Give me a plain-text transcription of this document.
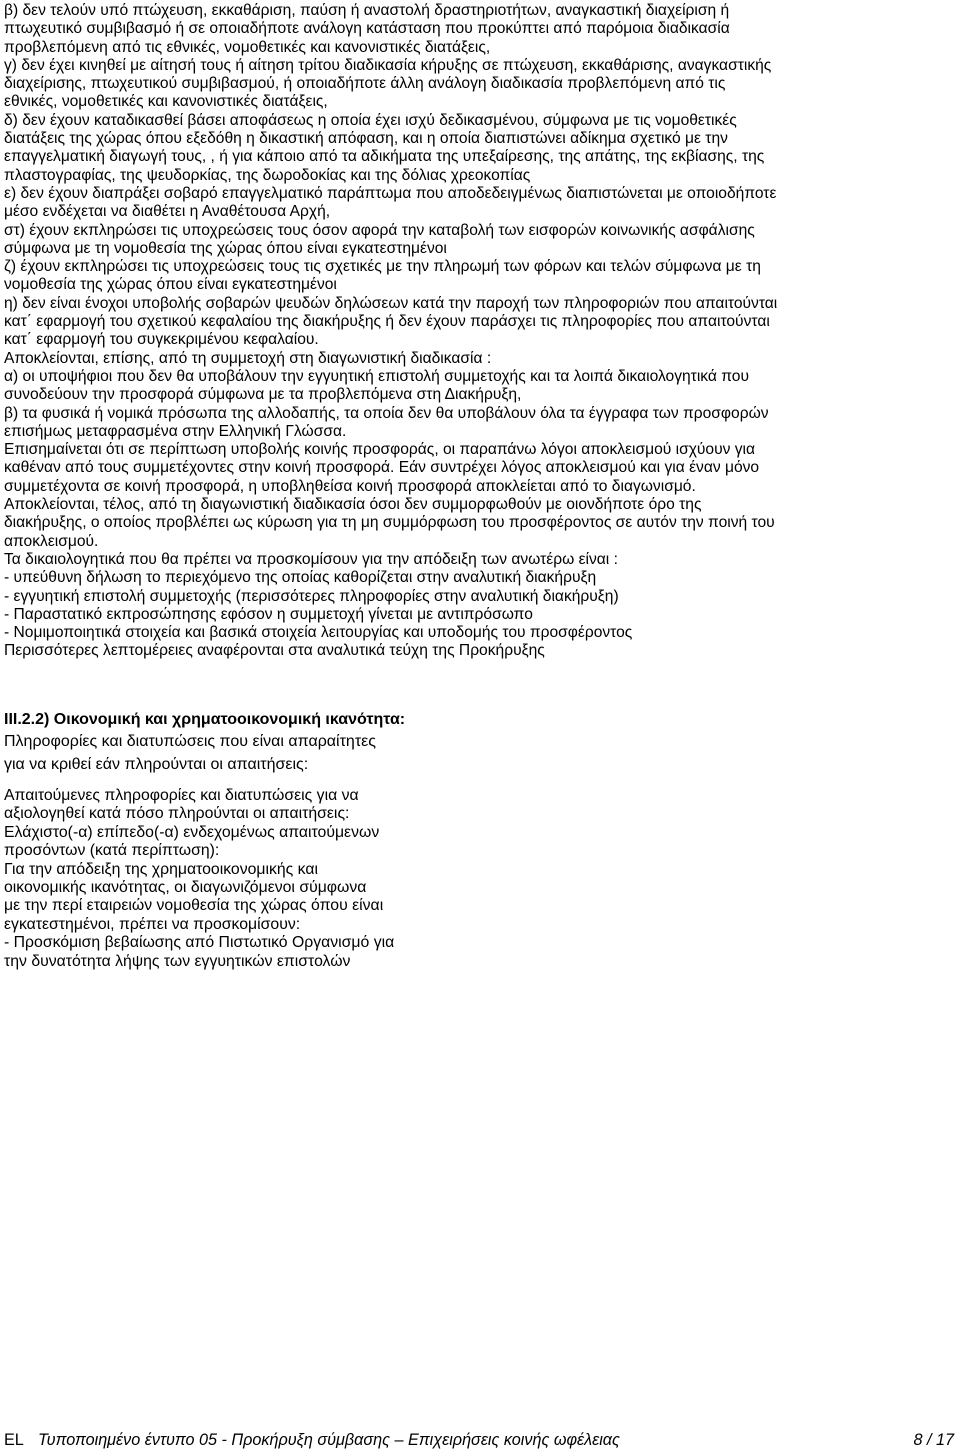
β) δεν τελούν υπό πτώχευση, εκκαθάριση, παύση ή αναστολή δραστηριοτήτων, αναγκαστική διαχείριση ή
πτωχευτικό συμβιβασμό ή σε οποιαδήποτε ανάλογη κατάσταση που προκύπτει από παρόμοια διαδικασία
προβλεπόμενη από τις εθνικές, νομοθετικές και κανονιστικές διατάξεις,
γ) δεν έχει κινηθεί με αίτησή τους ή αίτηση τρίτου διαδικασία κήρυξης σε πτώχευση, εκκαθάρισης, αναγκαστικής
διαχείρισης, πτωχευτικού συμβιβασμού, ή οποιαδήποτε άλλη ανάλογη διαδικασία προβλεπόμενη από τις
εθνικές, νομοθετικές και κανονιστικές διατάξεις,
δ) δεν έχουν καταδικασθεί βάσει αποφάσεως η οποία έχει ισχύ δεδικασμένου, σύμφωνα με τις νομοθετικές
διατάξεις της χώρας όπου εξεδόθη η δικαστική απόφαση, και η οποία διαπιστώνει αδίκημα σχετικό με την
επαγγελματική διαγωγή τους, , ή για κάποιο από τα αδικήματα της υπεξαίρεσης, της απάτης, της εκβίασης, της
πλαστογραφίας, της ψευδορκίας, της δωροδοκίας και της δόλιας χρεοκοπίας
ε) δεν έχουν διαπράξει σοβαρό επαγγελματικό παράπτωμα που αποδεδειγμένως διαπιστώνεται με οποιοδήποτε
μέσο ενδέχεται να διαθέτει η Αναθέτουσα Αρχή,
στ) έχουν εκπληρώσει τις υποχρεώσεις τους όσον αφορά την καταβολή των εισφορών κοινωνικής ασφάλισης
σύμφωνα με τη νομοθεσία της χώρας όπου είναι εγκατεστημένοι
ζ) έχουν εκπληρώσει τις υποχρεώσεις τους τις σχετικές με την πληρωμή των φόρων και τελών σύμφωνα με τη
νομοθεσία της χώρας όπου είναι εγκατεστημένοι
η) δεν είναι ένοχοι υποβολής σοβαρών ψευδών δηλώσεων κατά την παροχή των πληροφοριών που απαιτούνται
κατ΄ εφαρμογή του σχετικού κεφαλαίου της διακήρυξης ή δεν έχουν παράσχει τις πληροφορίες που απαιτούνται
κατ΄ εφαρμογή του συγκεκριμένου κεφαλαίου.
Αποκλείονται, επίσης, από τη συμμετοχή στη διαγωνιστική διαδικασία :
α) οι υποψήφιοι που δεν θα υποβάλουν την εγγυητική επιστολή συμμετοχής και τα λοιπά δικαιολογητικά που
συνοδεύουν την προσφορά σύμφωνα με τα προβλεπόμενα στη Διακήρυξη,
β) τα φυσικά ή νομικά πρόσωπα της αλλοδαπής, τα οποία δεν θα υποβάλουν όλα τα έγγραφα των προσφορών
επισήμως μεταφρασμένα στην Ελληνική Γλώσσα.
Επισημαίνεται ότι σε περίπτωση υποβολής κοινής προσφοράς, οι παραπάνω λόγοι αποκλεισμού ισχύουν για
καθέναν από τους συμμετέχοντες στην κοινή προσφορά. Εάν συντρέχει λόγος αποκλεισμού και για έναν μόνο
συμμετέχοντα σε κοινή προσφορά, η υποβληθείσα κοινή προσφορά αποκλείεται από το διαγωνισμό.
Αποκλείονται, τέλος, από τη διαγωνιστική διαδικασία όσοι δεν συμμορφωθούν με οιονδήποτε όρο της
διακήρυξης, ο οποίος προβλέπει ως κύρωση για τη μη συμμόρφωση του προσφέροντος σε αυτόν την ποινή του
αποκλεισμού.
Τα δικαιολογητικά που θα πρέπει να προσκομίσουν για την απόδειξη των ανωτέρω είναι :
- υπεύθυνη δήλωση το περιεχόμενο της οποίας καθορίζεται στην αναλυτική διακήρυξη
- εγγυητική επιστολή συμμετοχής (περισσότερες πληροφορίες στην αναλυτική διακήρυξη)
- Παραστατικό εκπροσώπησης εφόσον η συμμετοχή γίνεται με αντιπρόσωπο
- Νομιμοποιητικά στοιχεία και βασικά στοιχεία λειτουργίας και υποδομής του προσφέροντος
Περισσότερες λεπτομέρειες αναφέρονται στα αναλυτικά τεύχη της Προκήρυξης
III.2.2) Οικονομική και χρηματοοικονομική ικανότητα:
Πληροφορίες και διατυπώσεις που είναι απαραίτητες
για να κριθεί εάν πληρούνται οι απαιτήσεις:
Απαιτούμενες πληροφορίες και διατυπώσεις για να
αξιολογηθεί κατά πόσο πληρούνται οι απαιτήσεις:
Ελάχιστο(-α) επίπεδο(-α) ενδεχομένως απαιτούμενων
προσόντων (κατά περίπτωση):
Για την απόδειξη της χρηματοοικονομικής και
οικονομικής ικανότητας, οι διαγωνιζόμενοι σύμφωνα
με την περί εταιρειών νομοθεσία της χώρας όπου είναι
εγκατεστημένοι, πρέπει να προσκομίσουν:
- Προσκόμιση βεβαίωσης από Πιστωτικό Οργανισμό για
την δυνατότητα λήψης των εγγυητικών επιστολών
EL Τυποποιημένο έντυπο 05 - Προκήρυξη σύμβασης – Επιχειρήσεις κοινής ωφέλειας	8 / 17
